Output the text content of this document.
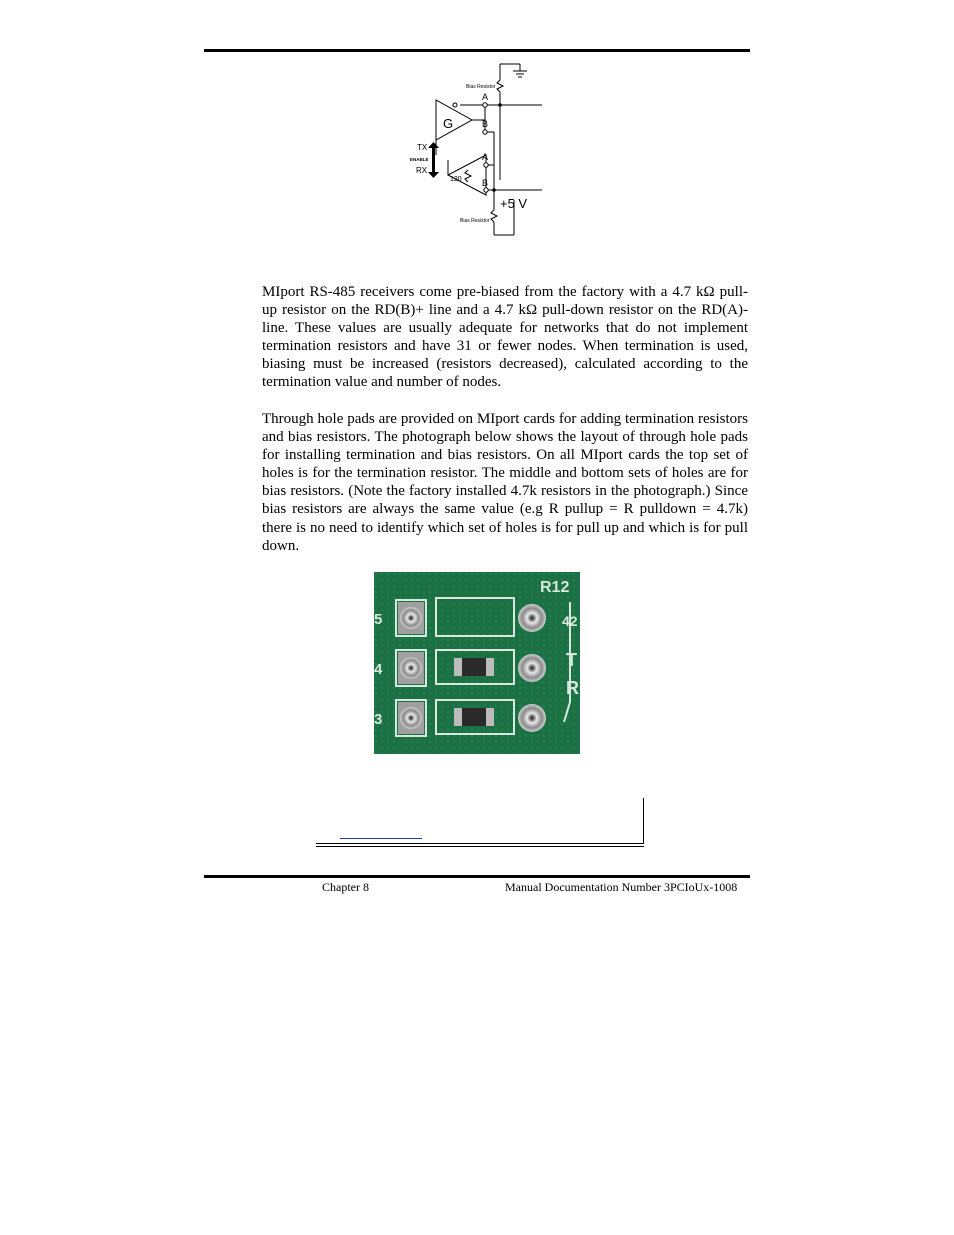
Bias Resistor
A
B
A
B
G
TX
ENABLE
RX
120
Bias Resistor
+5 V

MIport RS-485 receivers come pre-biased from the factory with a 4.7 kΩ pull-up resistor on the RD(B)+ line and a 4.7 kΩ pull-down resistor on the RD(A)- line. These values are usually adequate for networks that do not implement termination resistors and have 31 or fewer nodes. When termination is used, biasing must be increased (resistors decreased), calculated according to the termination value and number of nodes.

Through hole pads are provided on MIport cards for adding termination resistors and bias resistors. The photograph below shows the layout of through hole pads for installing termination and bias resistors. On all MIport cards the top set of holes is for the termination resistor. The middle and bottom sets of holes are for bias resistors. (Note the factory installed 4.7k resistors in the photograph.) Since bias resistors are always the same value (e.g R pullup = R pulldown = 4.7k) there is no need to identify which set of holes is for pull up and which is for pull down.

R12
5
4
3
42
T
R
Chapter 8	Manual Documentation Number 3PCIoUx-1008
